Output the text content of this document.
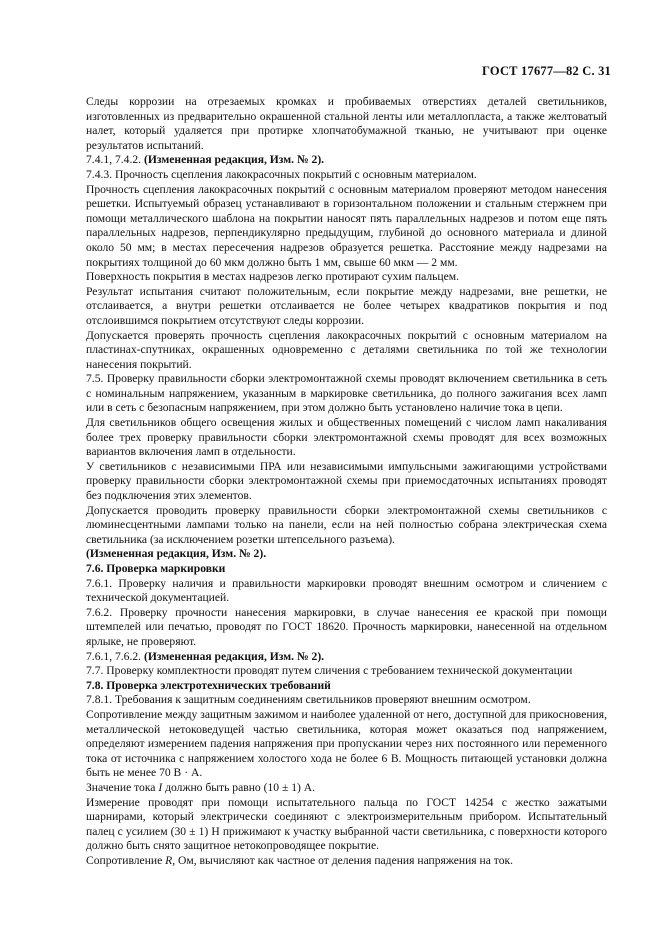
ГОСТ 17677—82 С. 31

Следы коррозии на отрезаемых кромках и пробиваемых отверстиях деталей светильников, изготовленных из предварительно окрашенной стальной ленты или металлопласта, а также желтоватый налет, который удаляется при протирке хлопчатобумажной тканью, не учитывают при оценке результатов испытаний.

7.4.1, 7.4.2. (Измененная редакция, Изм. № 2).

7.4.3. Прочность сцепления лакокрасочных покрытий с основным материалом.

Прочность сцепления лакокрасочных покрытий с основным материалом проверяют методом нанесения решетки. Испытуемый образец устанавливают в горизонтальном положении и стальным стержнем при помощи металлического шаблона на покрытии наносят пять параллельных надрезов и потом еще пять параллельных надрезов, перпендикулярно предыдущим, глубиной до основного материала и длиной около 50 мм; в местах пересечения надрезов образуется решетка. Расстояние между надрезами на покрытиях толщиной до 60 мкм должно быть 1 мм, свыше 60 мкм — 2 мм.

Поверхность покрытия в местах надрезов легко протирают сухим пальцем.

Результат испытания считают положительным, если покрытие между надрезами, вне решетки, не отслаивается, а внутри решетки отслаивается не более четырех квадратиков покрытия и под отслоившимся покрытием отсутствуют следы коррозии.

Допускается проверять прочность сцепления лакокрасочных покрытий с основным материалом на пластинах-спутниках, окрашенных одновременно с деталями светильника по той же технологии нанесения покрытий.

7.5. Проверку правильности сборки электромонтажной схемы проводят включением светильника в сеть с номинальным напряжением, указанным в маркировке светильника, до полного зажигания всех ламп или в сеть с безопасным напряжением, при этом должно быть установлено наличие тока в цепи.

Для светильников общего освещения жилых и общественных помещений с числом ламп накаливания более трех проверку правильности сборки электромонтажной схемы проводят для всех возможных вариантов включения ламп в отдельности.

У светильников с независимыми ПРА или независимыми импульсными зажигающими устройствами проверку правильности сборки электромонтажной схемы при приемосдаточных испытаниях проводят без подключения этих элементов.

Допускается проводить проверку правильности сборки электромонтажной схемы светильников с люминесцентными лампами только на панели, если на ней полностью собрана электрическая схема светильника (за исключением розетки штепсельного разъема).

(Измененная редакция, Изм. № 2).

7.6. Проверка маркировки

7.6.1. Проверку наличия и правильности маркировки проводят внешним осмотром и сличением с технической документацией.

7.6.2. Проверку прочности нанесения маркировки, в случае нанесения ее краской при помощи штемпелей или печатью, проводят по ГОСТ 18620. Прочность маркировки, нанесенной на отдельном ярлыке, не проверяют.

7.6.1, 7.6.2. (Измененная редакция, Изм. № 2).

7.7. Проверку комплектности проводят путем сличения с требованием технической документации

7.8. Проверка электротехнических требований

7.8.1. Требования к защитным соединениям светильников проверяют внешним осмотром.

Сопротивление между защитным зажимом и наиболее удаленной от него, доступной для прикосновения, металлической нетоковедущей частью светильника, которая может оказаться под напряжением, определяют измерением падения напряжения при пропускании через них постоянного или переменного тока от источника с напряжением холостого хода не более 6 В. Мощность питающей установки должна быть не менее 70 В · А.

Значение тока I должно быть равно (10 ± 1) А.

Измерение проводят при помощи испытательного пальца по ГОСТ 14254 с жестко зажатыми шарнирами, который электрически соединяют с электроизмерительным прибором. Испытательный палец с усилием (30 ± 1) Н прижимают к участку выбранной части светильника, с поверхности которого должно быть снято защитное нетокопроводящее покрытие.

Сопротивление R, Ом, вычисляют как частное от деления падения напряжения на ток.
